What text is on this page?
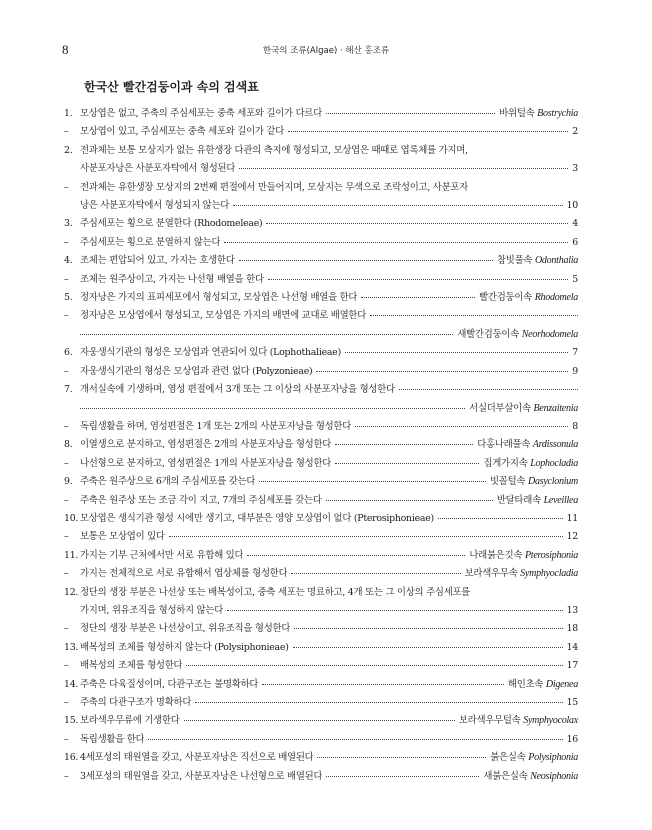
8	한국의 조류(Algae) · 해산 홍조류
한국산 빨간검둥이과 속의 검색표
1. 모상엽은 없고, 주축의 주심세포는 중축 세포와 길이가 다르다	바위털속 Bostrychia
–	모상엽이 있고, 주심세포는 중축 세포와 길이가 같다	2
2. 전과체는 보통 모상지가 없는 유한생장 다관의 측지에 형성되고, 모상엽은 때때로 엽록체를 가지며,
사분포자낭은 사분포자탁에서 형성된다	3
–	전과체는 유한생장 모상지의 2번째 편절에서 만들어지며, 모상지는 무색으로 조락성이고, 사분포자
낭은 사분포자탁에서 형성되지 않는다	10
3. 주심세포는 횡으로 분열한다 (Rhodomeleae)	4
–	주심세포는 횡으로 분열하지 않는다	6
4. 조체는 편압되어 있고, 가지는 호생한다	참빗풀속 Odonthalia
–	조체는 원주상이고, 가지는 나선형 배열을 한다	5
5. 정자낭은 가지의 표피세포에서 형성되고, 모상엽은 나선형 배열을 한다	빨간검둥이속 Rhodomela
–	정자낭은 모상엽에서 형성되고, 모상엽은 가지의 배면에 교대로 배열한다
새빨간검둥이속 Neorhodomela
6. 자웅생식기관의 형성은 모상엽과 연관되어 있다 (Lophothalieae)	7
–	자웅생식기관의 형성은 모상엽과 관련 없다 (Polyzonieae)	9
7. 개서실속에 기생하며, 염성 편절에서 3개 또는 그 이상의 사분포자낭을 형성한다
서실더부살이속 Benzaitenia
–	독립생활을 하며, 염성편절은 1개 또는 2개의 사분포자낭을 형성한다	8
8. 이열생으로 분지하고, 염성편절은 2개의 사분포자낭을 형성한다	다홍나래풀속 Ardissonula
–	나선형으로 분지하고, 염성편절은 1개의 사분포자낭을 형성한다	집게가지속 Lophocladia
9. 주축은 원주상으로 6개의 주심세포를 갖는다	빗꼴털속 Dasyclonium
–	주축은 원주상 또는 조금 각이 지고, 7개의 주심세포를 갖는다	반달타래속 Leveillea
10. 모상엽은 생식기관 형성 시에만 생기고, 대부분은 영양 모상엽이 없다 (Pterosiphonieae)	11
–	보통은 모상엽이 있다	12
11. 가지는 기부 근처에서만 서로 유합해 있다	나래붉은깃속 Pterosiphonia
–	가지는 전체적으로 서로 유합해서 엽상체를 형성한다	보라색우무속 Symphyocladia
12. 정단의 생장 부분은 나선상 또는 배복성이고, 중축 세포는 명료하고, 4개 또는 그 이상의 주심세포를
가지며, 위유조직을 형성하지 않는다	13
–	정단의 생장 부분은 나선상이고, 위유조직을 형성한다	18
13. 배복성의 조체를 형성하지 않는다 (Polysiphonieae)	14
–	배복성의 조체를 형성한다	17
14. 주축은 다육질성이며, 다관구조는 불명확하다	해인초속 Digenea
–	주축의 다관구조가 명확하다	15
15. 보라색우무류에 기생한다	보라색우무털속 Symphyocolax
–	독립생활을 한다	16
16. 4세포성의 태원열을 갖고, 사분포자낭은 직선으로 배열된다	붉은실속 Polysiphonia
–	3세포성의 태원열을 갖고, 사분포자낭은 나선형으로 배열된다	새붉은실속 Neosiphonia
